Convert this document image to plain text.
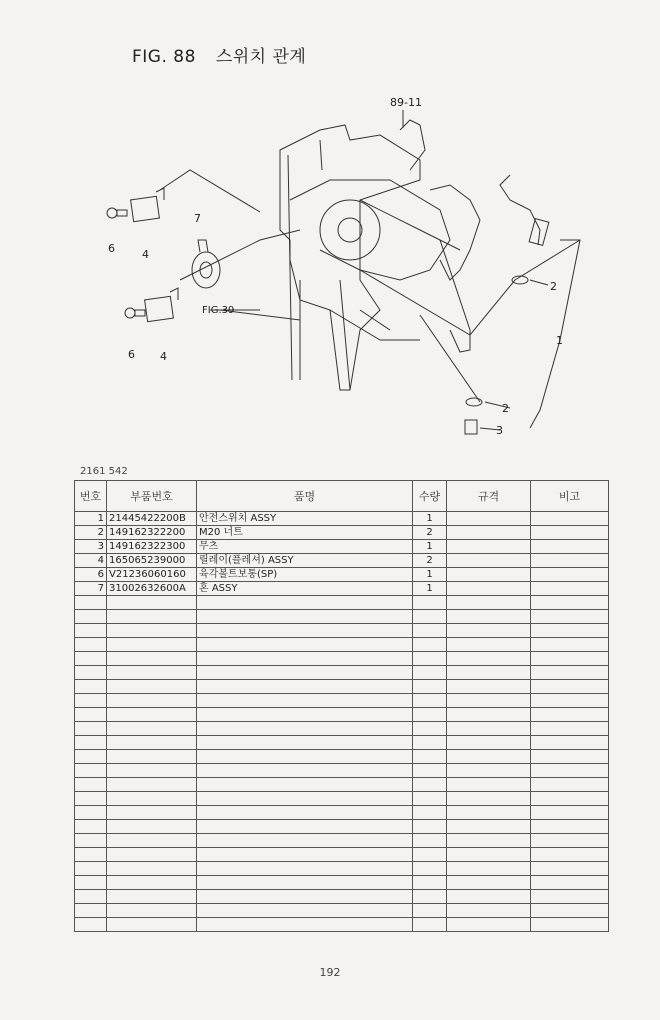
FIG. 88 스위치 관계
89-11
7
6 4
6 4
FIG.39
2
1
2
3
2161 542
번호	부품번호	품명	수량	규격	비고
1	21445422200B	안전스위치 ASSY	1		
2	149162322200	M20 너트	2		
3	149162322300	무츠	1		
4	165065239000	릴레이(플레셔) ASSY	2		
6	V21236060160	육각볼트보통(SP)	1		
7	31002632600A	혼 ASSY	1		

192
